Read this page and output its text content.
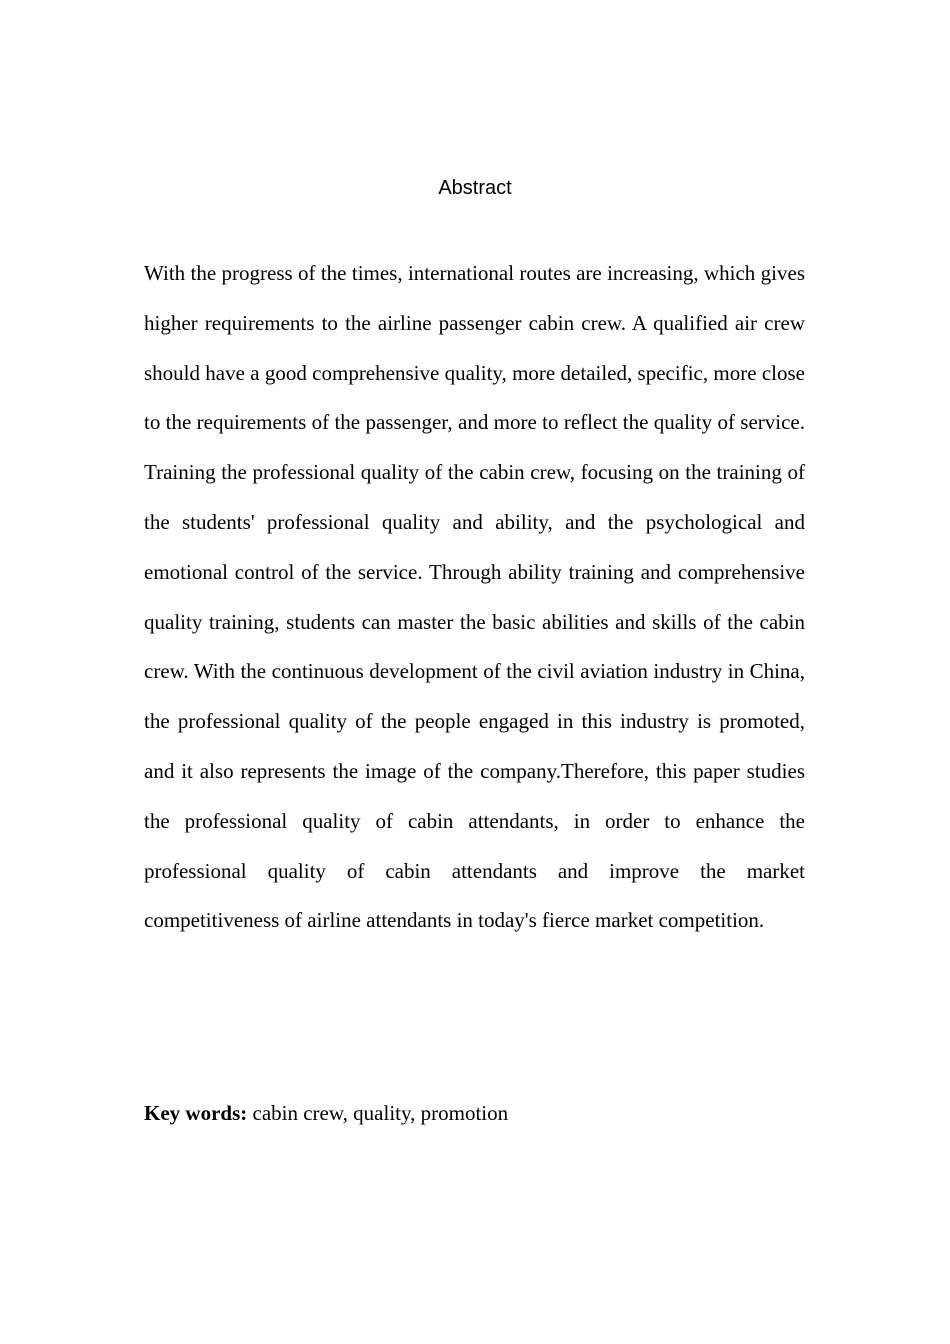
Abstract

With the progress of the times, international routes are increasing, which gives higher requirements to the airline passenger cabin crew. A qualified air crew should have a good comprehensive quality, more detailed, specific, more close to the requirements of the passenger, and more to reflect the quality of service. Training the professional quality of the cabin crew, focusing on the training of the students' professional quality and ability, and the psychological and emotional control of the service. Through ability training and comprehensive quality training, students can master the basic abilities and skills of the cabin crew. With the continuous development of the civil aviation industry in China, the professional quality of the people engaged in this industry is promoted, and it also represents the image of the company.Therefore, this paper studies the professional quality of cabin attendants, in order to enhance the professional quality of cabin attendants and improve the market competitiveness of airline attendants in today's fierce market competition.

Key words: cabin crew, quality, promotion
